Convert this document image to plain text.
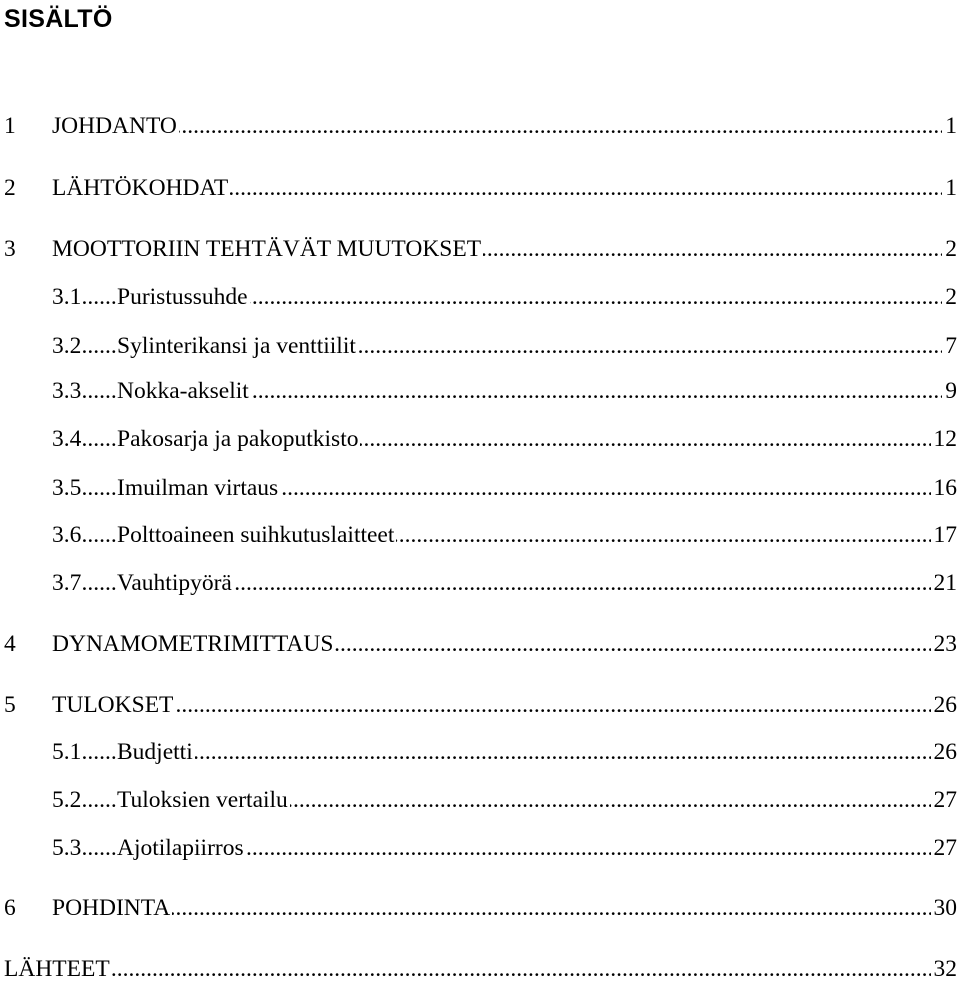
SISÄLTÖ
1 ..... JOHDANTO	1
2 ..... LÄHTÖKOHDAT	1
3 ..... MOOTTORIIN TEHTÄVÄT MUUTOKSET	2
3.1 ..... Puristussuhde	2
3.2 ..... Sylinterikansi ja venttiilit	7
3.3 ..... Nokka-akselit	9
3.4 ..... Pakosarja ja pakoputkisto	12
3.5 ..... Imuilman virtaus	16
3.6 ..... Polttoaineen suihkutuslaitteet	17
3.7 ..... Vauhtipyörä	21
4 ..... DYNAMOMETRIMITTAUS	23
5 ..... TULOKSET	26
5.1 ..... Budjetti	26
5.2 ..... Tuloksien vertailu	27
5.3 ..... Ajotilapiirros	27
6 ..... POHDINTA	30
.....
LÄHTEET	32
